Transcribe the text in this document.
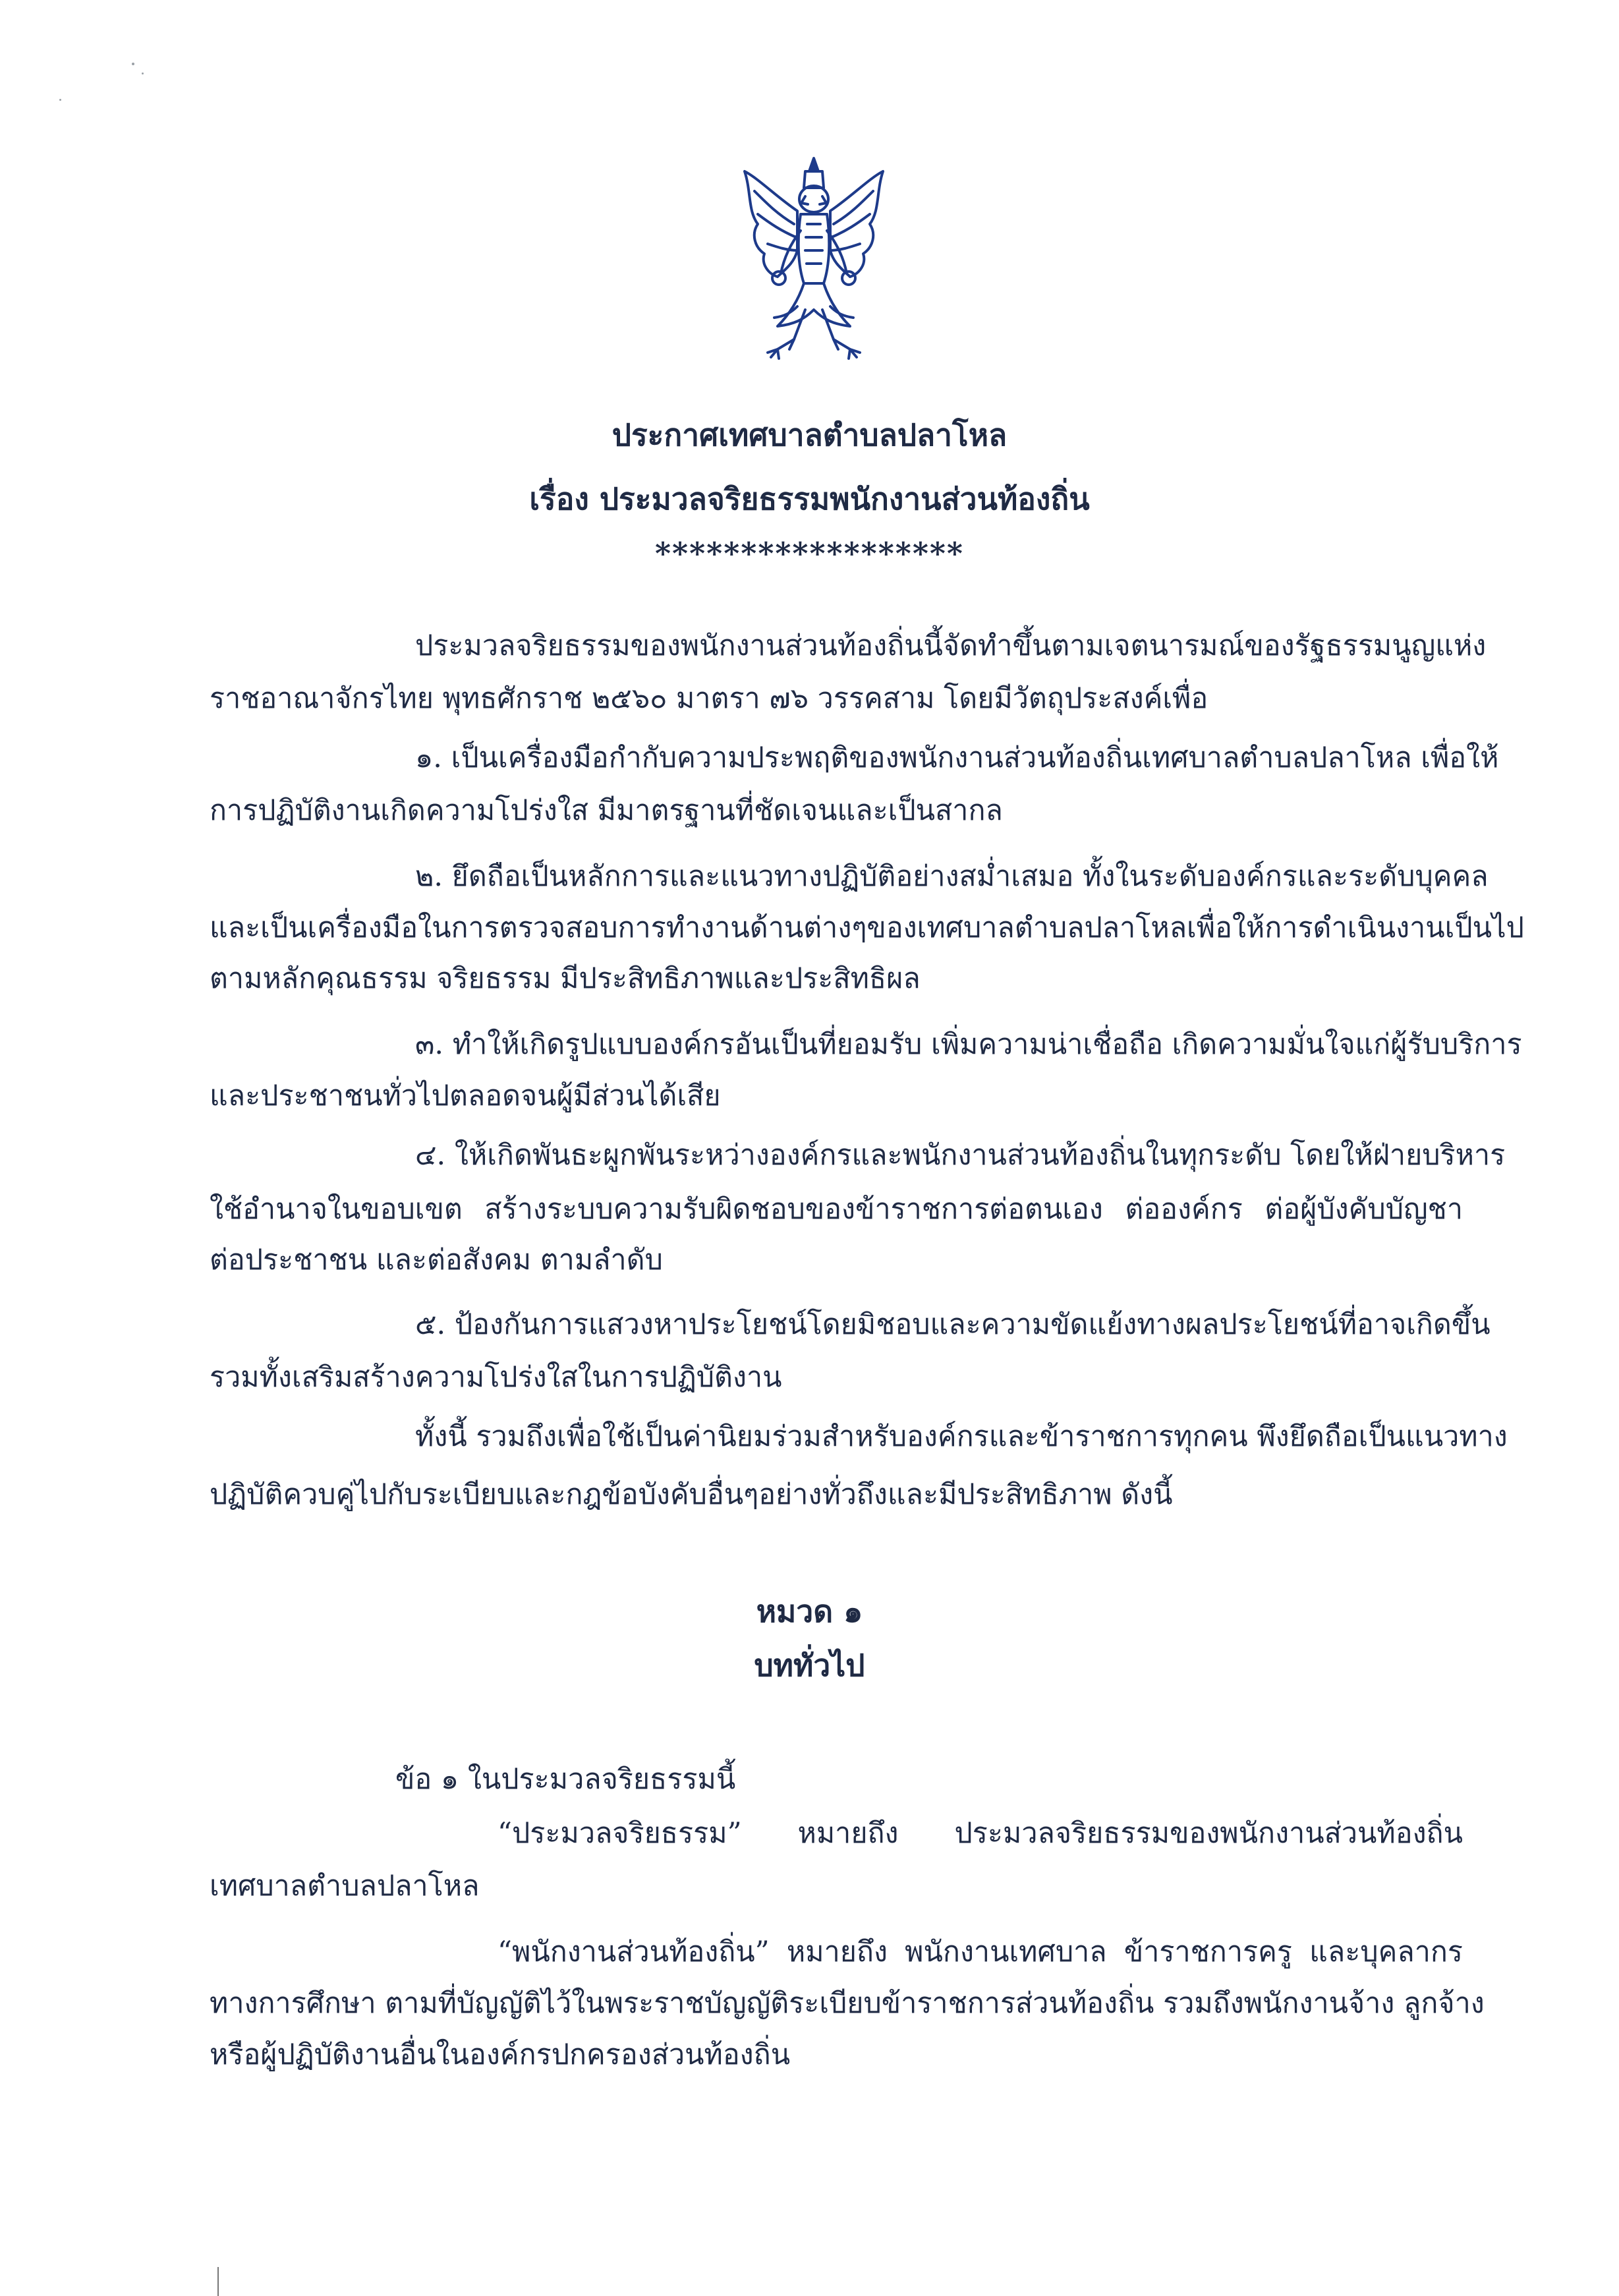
ประกาศเทศบาลตำบลปลาโหล
เรื่อง ประมวลจริยธรรมพนักงานส่วนท้องถิ่น
******************
ประมวลจริยธรรมของพนักงานส่วนท้องถิ่นนี้จัดทำขึ้นตามเจตนารมณ์ของรัฐธรรมนูญแห่ง
ราชอาณาจักรไทย พุทธศักราช ๒๕๖๐ มาตรา ๗๖ วรรคสาม โดยมีวัตถุประสงค์เพื่อ
๑. เป็นเครื่องมือกำกับความประพฤติของพนักงานส่วนท้องถิ่นเทศบาลตำบลปลาโหล เพื่อให้
การปฏิบัติงานเกิดความโปร่งใส มีมาตรฐานที่ชัดเจนและเป็นสากล
๒. ยึดถือเป็นหลักการและแนวทางปฏิบัติอย่างสม่ำเสมอ ทั้งในระดับองค์กรและระดับบุคคล
และเป็นเครื่องมือในการตรวจสอบการทำงานด้านต่างๆของเทศบาลตำบลปลาโหลเพื่อให้การดำเนินงานเป็นไป
ตามหลักคุณธรรม จริยธรรม มีประสิทธิภาพและประสิทธิผล
๓. ทำให้เกิดรูปแบบองค์กรอันเป็นที่ยอมรับ เพิ่มความน่าเชื่อถือ เกิดความมั่นใจแก่ผู้รับบริการ
และประชาชนทั่วไปตลอดจนผู้มีส่วนได้เสีย
๔. ให้เกิดพันธะผูกพันระหว่างองค์กรและพนักงานส่วนท้องถิ่นในทุกระดับ โดยให้ฝ่ายบริหาร
ใช้อำนาจในขอบเขต สร้างระบบความรับผิดชอบของข้าราชการต่อตนเอง ต่อองค์กร ต่อผู้บังคับบัญชา
ต่อประชาชน และต่อสังคม ตามลำดับ
๕. ป้องกันการแสวงหาประโยชน์โดยมิชอบและความขัดแย้งทางผลประโยชน์ที่อาจเกิดขึ้น
รวมทั้งเสริมสร้างความโปร่งใสในการปฏิบัติงาน
ทั้งนี้ รวมถึงเพื่อใช้เป็นค่านิยมร่วมสำหรับองค์กรและข้าราชการทุกคน พึงยึดถือเป็นแนวทาง
ปฏิบัติควบคู่ไปกับระเบียบและกฎข้อบังคับอื่นๆอย่างทั่วถึงและมีประสิทธิภาพ ดังนี้
หมวด ๑
บททั่วไป
ข้อ ๑ ในประมวลจริยธรรมนี้
“ประมวลจริยธรรม” หมายถึง ประมวลจริยธรรมของพนักงานส่วนท้องถิ่น
เทศบาลตำบลปลาโหล
“พนักงานส่วนท้องถิ่น” หมายถึง พนักงานเทศบาล ข้าราชการครู และบุคลากร
ทางการศึกษา ตามที่บัญญัติไว้ในพระราชบัญญัติระเบียบข้าราชการส่วนท้องถิ่น รวมถึงพนักงานจ้าง ลูกจ้าง
หรือผู้ปฏิบัติงานอื่นในองค์กรปกครองส่วนท้องถิ่น
